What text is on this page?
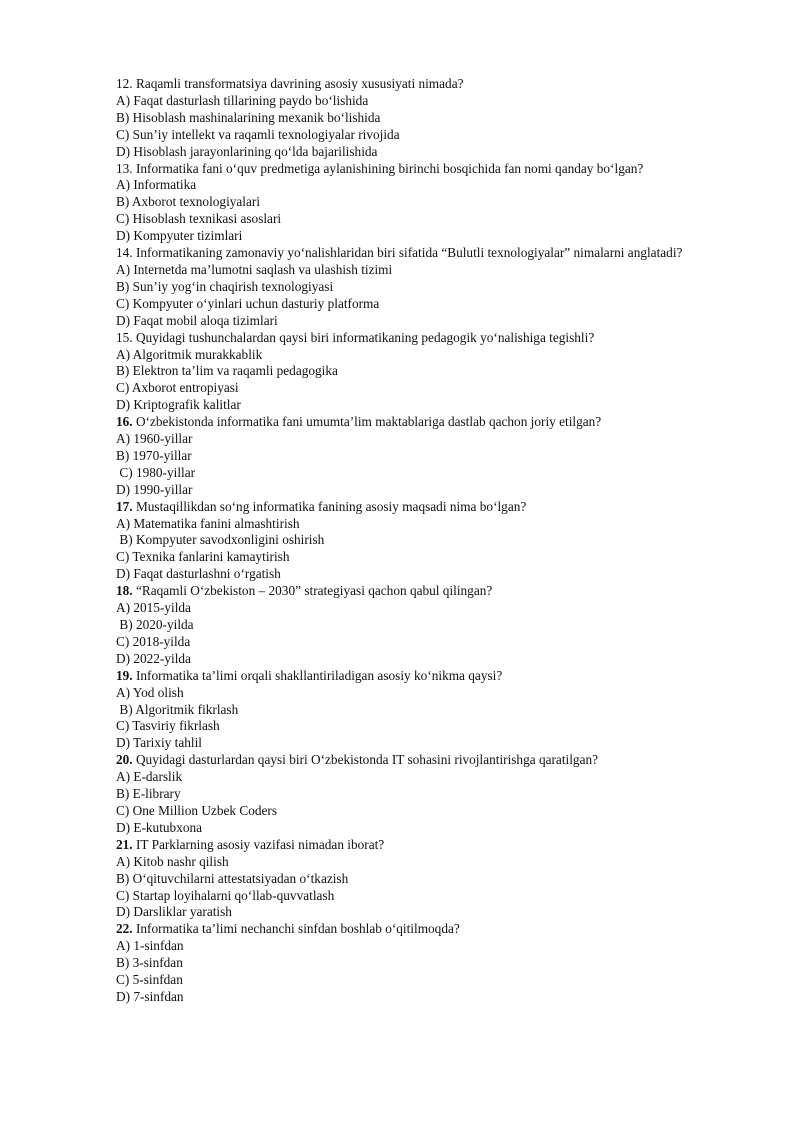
12. Raqamli transformatsiya davrining asosiy xususiyati nimada?

A) Faqat dasturlash tillarining paydo bo‘lishida

B) Hisoblash mashinalarining mexanik bo‘lishida

C) Sun’iy intellekt va raqamli texnologiyalar rivojida

D) Hisoblash jarayonlarining qo‘lda bajarilishida

13. Informatika fani o‘quv predmetiga aylanishining birinchi bosqichida fan nomi qanday bo‘lgan?

A) Informatika

B) Axborot texnologiyalari

C) Hisoblash texnikasi asoslari

D) Kompyuter tizimlari

14. Informatikaning zamonaviy yo‘nalishlaridan biri sifatida “Bulutli texnologiyalar” nimalarni anglatadi?

A) Internetda ma’lumotni saqlash va ulashish tizimi

B) Sun’iy yog‘in chaqirish texnologiyasi

C) Kompyuter o‘yinlari uchun dasturiy platforma

D) Faqat mobil aloqa tizimlari

15. Quyidagi tushunchalardan qaysi biri informatikaning pedagogik yo‘nalishiga tegishli?

A) Algoritmik murakkablik

B) Elektron ta’lim va raqamli pedagogika

C) Axborot entropiyasi

D) Kriptografik kalitlar

16. O‘zbekistonda informatika fani umumta’lim maktablariga dastlab qachon joriy etilgan?

A) 1960-yillar

B) 1970-yillar

C) 1980-yillar

D) 1990-yillar

17. Mustaqillikdan so‘ng informatika fanining asosiy maqsadi nima bo‘lgan?

A) Matematika fanini almashtirish

B) Kompyuter savodxonligini oshirish

C) Texnika fanlarini kamaytirish

D) Faqat dasturlashni o‘rgatish

18. “Raqamli O‘zbekiston – 2030” strategiyasi qachon qabul qilingan?

A) 2015-yilda

B) 2020-yilda

C) 2018-yilda

D) 2022-yilda

19. Informatika ta’limi orqali shakllantiriladigan asosiy ko‘nikma qaysi?

A) Yod olish

B) Algoritmik fikrlash

C) Tasviriy fikrlash

D) Tarixiy tahlil

20. Quyidagi dasturlardan qaysi biri O‘zbekistonda IT sohasini rivojlantirishga qaratilgan?

A) E-darslik

B) E-library

C) One Million Uzbek Coders

D) E-kutubxona

21. IT Parklarning asosiy vazifasi nimadan iborat?

A) Kitob nashr qilish

B) O‘qituvchilarni attestatsiyadan o‘tkazish

C) Startap loyihalarni qo‘llab-quvvatlash

D) Darsliklar yaratish

22. Informatika ta’limi nechanchi sinfdan boshlab o‘qitilmoqda?

A) 1-sinfdan

B) 3-sinfdan

C) 5-sinfdan

D) 7-sinfdan
